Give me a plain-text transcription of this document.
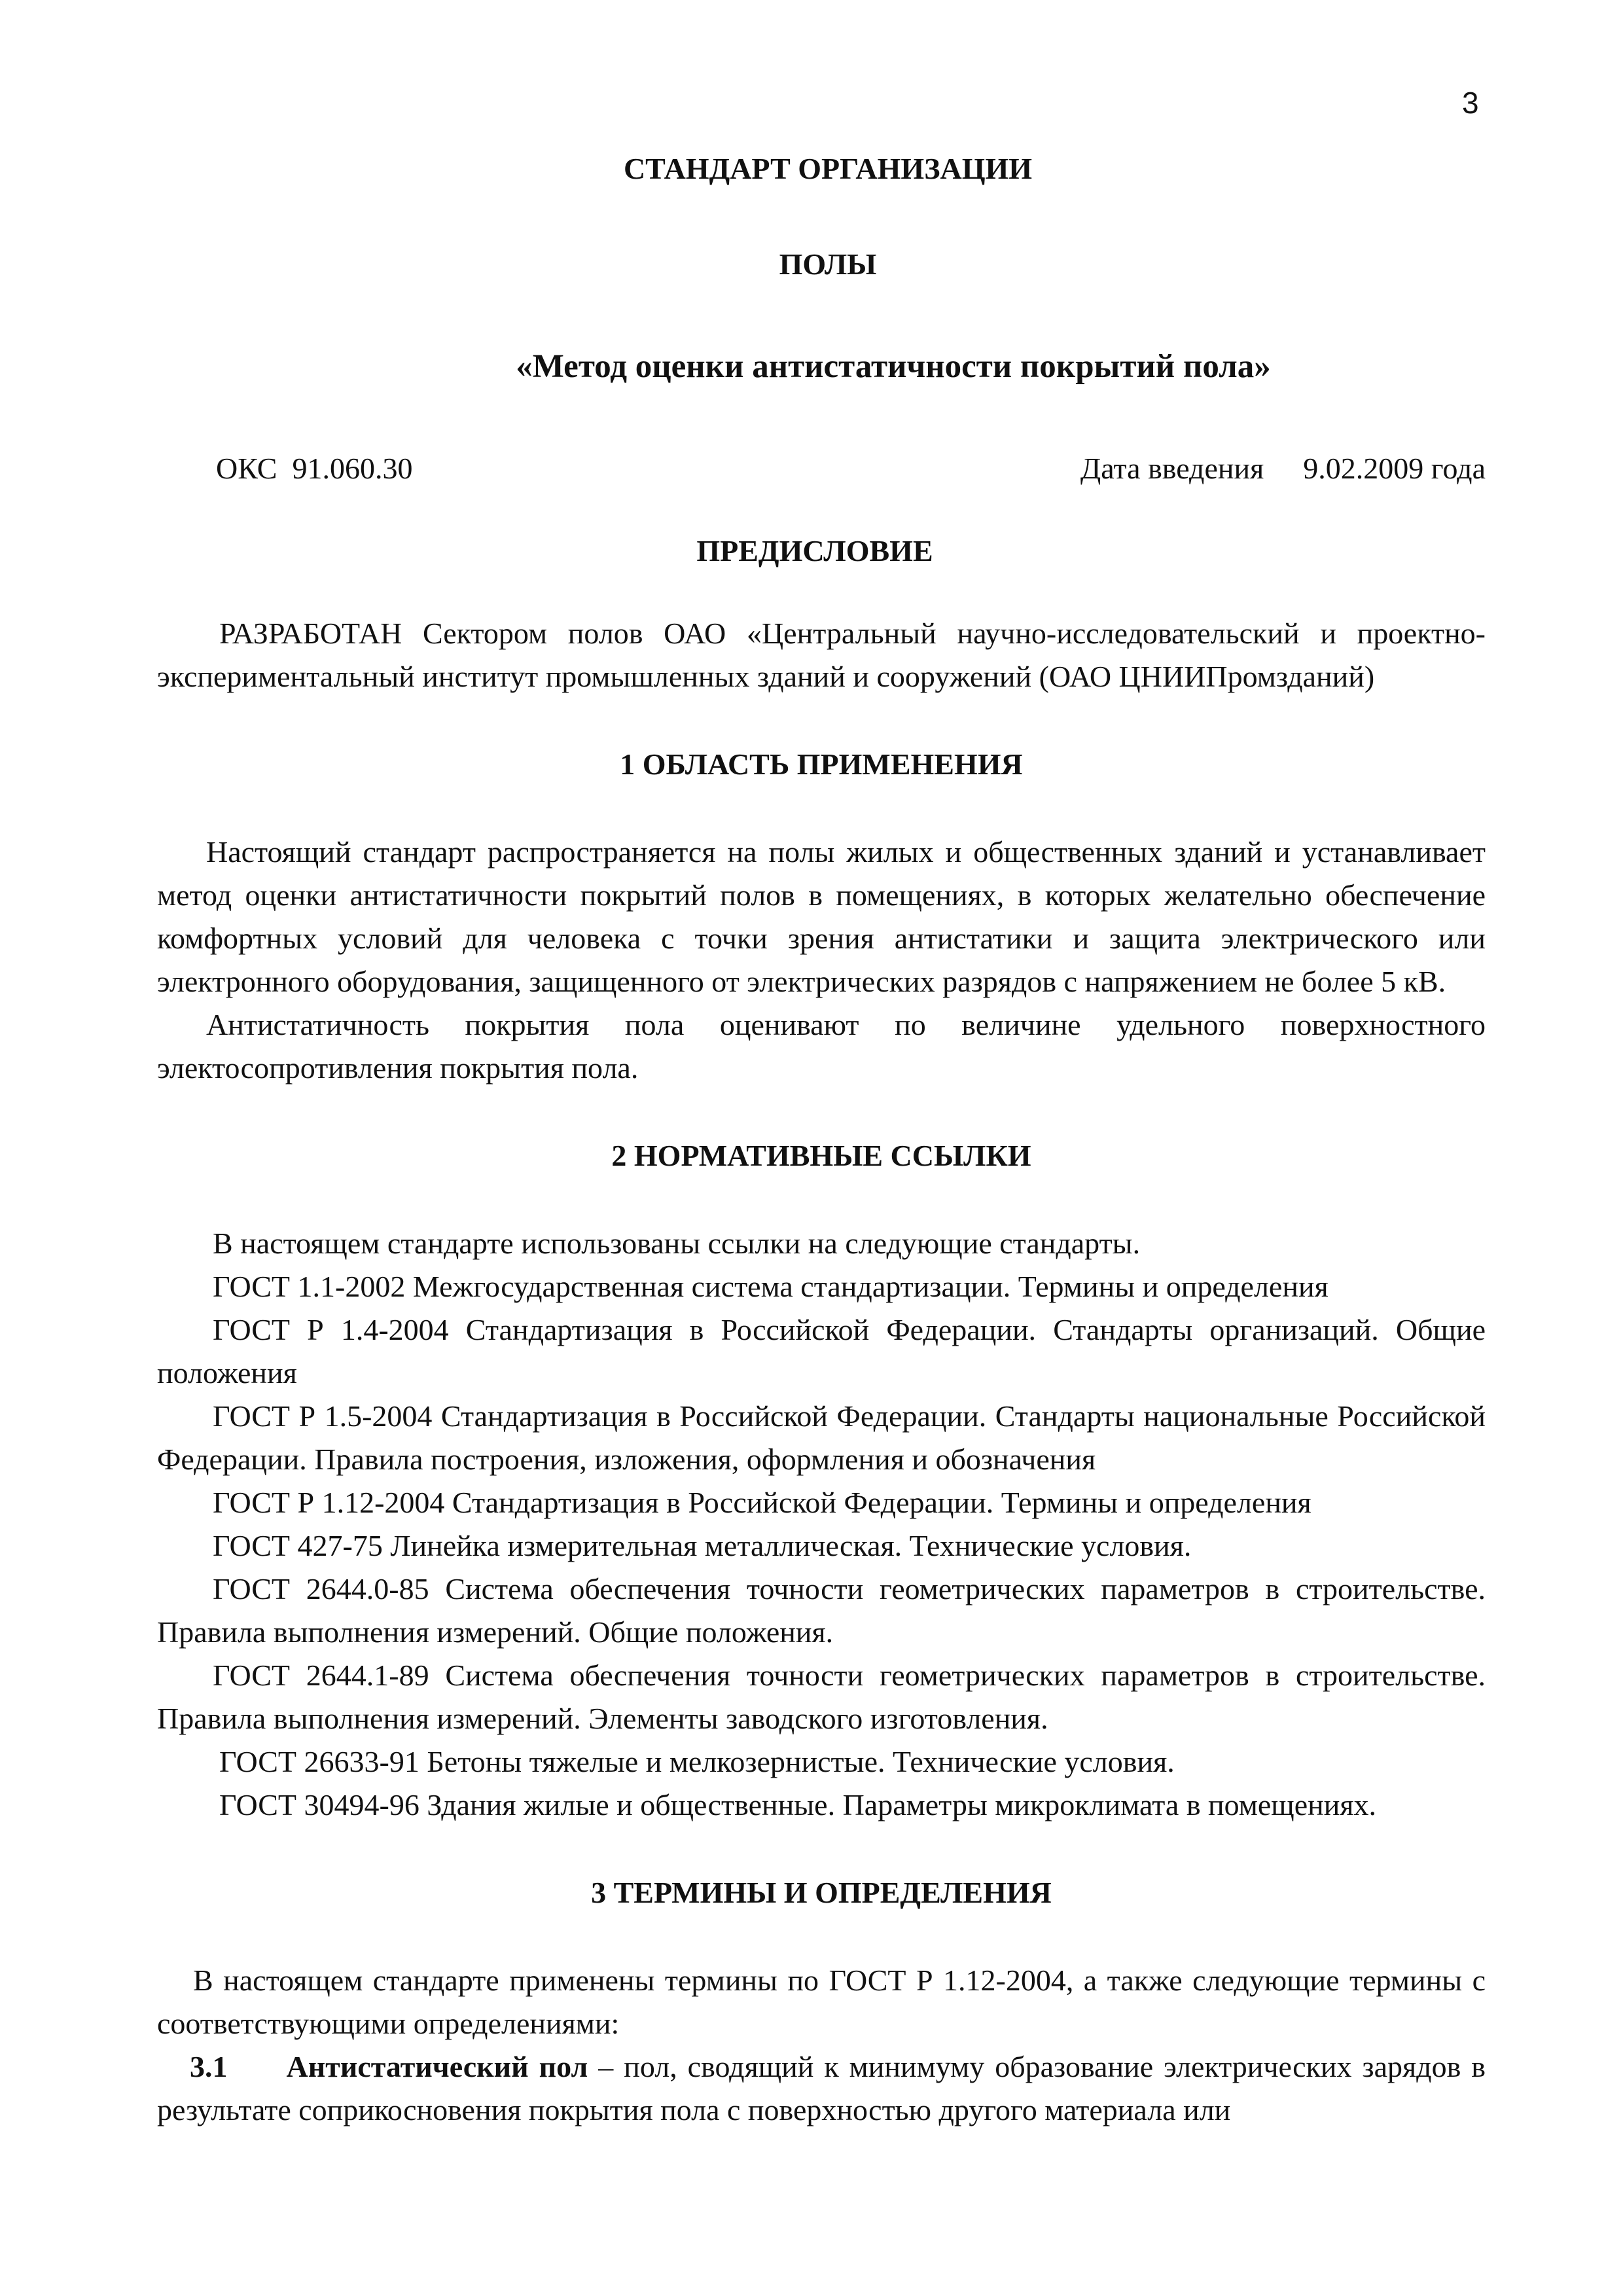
3
СТАНДАРТ ОРГАНИЗАЦИИ
ПОЛЫ
«Метод оценки антистатичности покрытий пола»
ОКС  91.060.30	Дата введения 9.02.2009 года
ПРЕДИСЛОВИЕ

РАЗРАБОТАН Сектором полов ОАО «Центральный научно-исследовательский и проектно-экспериментальный институт промышленных зданий и сооружений (ОАО ЦНИИПромзданий)

1 ОБЛАСТЬ ПРИМЕНЕНИЯ

Настоящий стандарт распространяется на полы жилых и общественных зданий и устанавливает метод оценки антистатичности покрытий полов в помещениях, в которых желательно обеспечение комфортных условий для человека с точки зрения антистатики и защита электрического или электронного оборудования, защищенного от электрических разрядов с напряжением не более 5 кВ.

Антистатичность покрытия пола оценивают по величине удельного поверхностного электосопротивления покрытия пола.

2 НОРМАТИВНЫЕ ССЫЛКИ

В настоящем стандарте использованы ссылки на следующие стандарты.

ГОСТ 1.1-2002 Межгосударственная система стандартизации. Термины и определения

ГОСТ Р 1.4-2004 Стандартизация в Российской Федерации. Стандарты организаций. Общие положения

ГОСТ Р 1.5-2004 Стандартизация в Российской Федерации. Стандарты национальные Российской Федерации. Правила построения, изложения, оформления и обозначения

ГОСТ Р 1.12-2004 Стандартизация в Российской Федерации. Термины и определения

ГОСТ 427-75 Линейка измерительная металлическая. Технические условия.

ГОСТ 2644.0-85 Система обеспечения точности геометрических параметров в строительстве. Правила выполнения измерений. Общие положения.

ГОСТ 2644.1-89 Система обеспечения точности геометрических параметров в строительстве. Правила выполнения измерений. Элементы заводского изготовления.

ГОСТ 26633-91 Бетоны тяжелые и мелкозернистые. Технические условия.

ГОСТ 30494-96 Здания жилые и общественные. Параметры микроклимата в помещениях.

3 ТЕРМИНЫ И ОПРЕДЕЛЕНИЯ

В настоящем стандарте применены термины по ГОСТ Р 1.12-2004, а также следующие термины с соответствующими определениями:

3.1 Антистатический пол – пол, сводящий к минимуму образование электрических зарядов в результате соприкосновения покрытия пола с поверхностью другого материала или
